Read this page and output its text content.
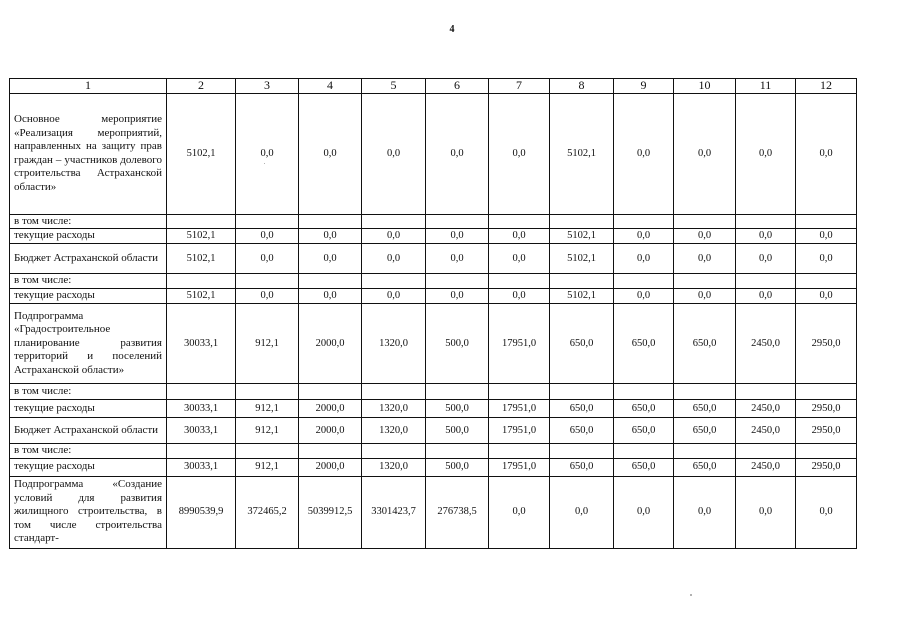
4
1	2	3	4	5	6	7	8	9	10	11	12
Основное мероприятие «Реализация мероприятий, направленных на защиту прав граждан – участников долевого строительства Астраханской области»	5102,1	0,0	0,0	0,0	0,0	0,0	5102,1	0,0	0,0	0,0	0,0
в том числе:											
текущие расходы	5102,1	0,0	0,0	0,0	0,0	0,0	5102,1	0,0	0,0	0,0	0,0
Бюджет Астраханской области	5102,1	0,0	0,0	0,0	0,0	0,0	5102,1	0,0	0,0	0,0	0,0
в том числе:											
текущие расходы	5102,1	0,0	0,0	0,0	0,0	0,0	5102,1	0,0	0,0	0,0	0,0
Подпрограмма «Градостроительное планирование развития территорий и поселений Астраханской области»	30033,1	912,1	2000,0	1320,0	500,0	17951,0	650,0	650,0	650,0	2450,0	2950,0
в том числе:											
текущие расходы	30033,1	912,1	2000,0	1320,0	500,0	17951,0	650,0	650,0	650,0	2450,0	2950,0
Бюджет Астраханской области	30033,1	912,1	2000,0	1320,0	500,0	17951,0	650,0	650,0	650,0	2450,0	2950,0
в том числе:											
текущие расходы	30033,1	912,1	2000,0	1320,0	500,0	17951,0	650,0	650,0	650,0	2450,0	2950,0
Подпрограмма «Создание условий для развития жилищного строительства, в том числе строительства стандарт-	8990539,9	372465,2	5039912,5	3301423,7	276738,5	0,0	0,0	0,0	0,0	0,0	0,0
